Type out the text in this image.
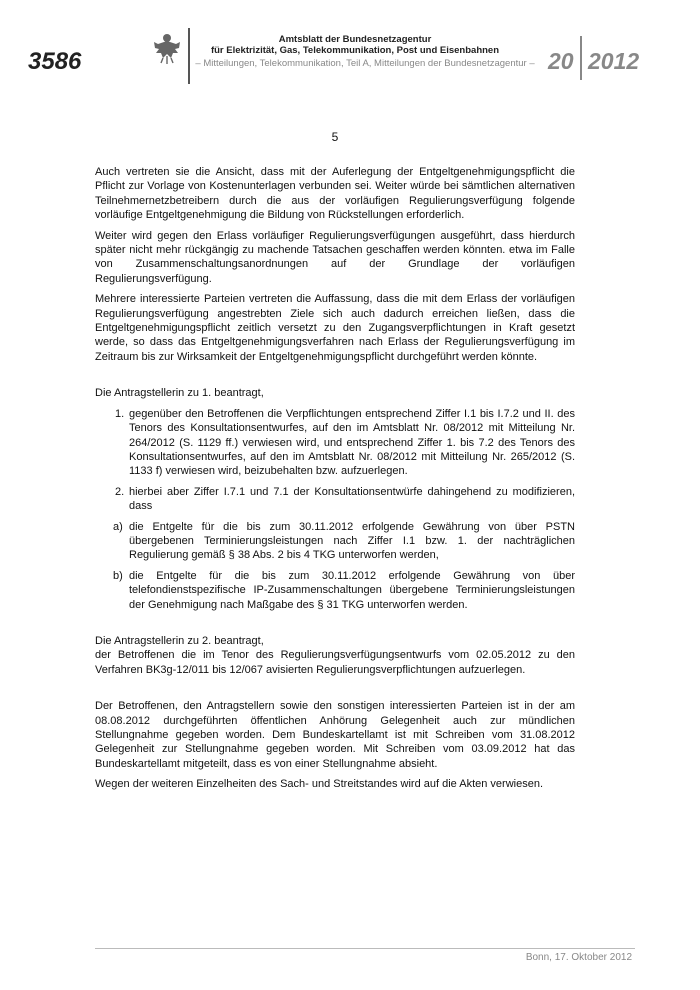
3586
Amtsblatt der Bundesnetzagentur
für Elektrizität, Gas, Telekommunikation, Post und Eisenbahnen
– Mitteilungen, Telekommunikation, Teil A, Mitteilungen der Bundesnetzagentur – 20 2012
5

Auch vertreten sie die Ansicht, dass mit der Auferlegung der Entgeltgenehmigungspflicht die Pflicht zur Vorlage von Kostenunterlagen verbunden sei. Weiter würde bei sämtlichen alternativen Teilnehmernetzbetreibern durch die aus der vorläufigen Regulierungsverfügung folgende vorläufige Entgeltgenehmigung die Bildung von Rückstellungen erforderlich.

Weiter wird gegen den Erlass vorläufiger Regulierungsverfügungen ausgeführt, dass hierdurch später nicht mehr rückgängig zu machende Tatsachen geschaffen werden könnten. etwa im Falle von Zusammenschaltungsanordnungen auf der Grundlage der vorläufigen Regulierungsverfügung.

Mehrere interessierte Parteien vertreten die Auffassung, dass die mit dem Erlass der vorläufigen Regulierungsverfügung angestrebten Ziele sich auch dadurch erreichen ließen, dass die Entgeltgenehmigungspflicht zeitlich versetzt zu den Zugangsverpflichtungen in Kraft gesetzt werde, so dass das Entgeltgenehmigungsverfahren nach Erlass der Regulierungsverfügung im Zeitraum bis zur Wirksamkeit der Entgeltgenehmigungspflicht durchgeführt werden könnte.

Die Antragstellerin zu 1. beantragt,

1. gegenüber den Betroffenen die Verpflichtungen entsprechend Ziffer I.1 bis I.7.2 und II. des Tenors des Konsultationsentwurfes, auf den im Amtsblatt Nr. 08/2012 mit Mitteilung Nr. 264/2012 (S. 1129 ff.) verwiesen wird, und entsprechend Ziffer 1. bis 7.2 des Tenors des Konsultationsentwurfes, auf den im Amtsblatt Nr. 08/2012 mit Mitteilung Nr. 265/2012 (S. 1133 f) verwiesen wird, beizubehalten bzw. aufzuerlegen.
2. hierbei aber Ziffer I.7.1 und 7.1 der Konsultationsentwürfe dahingehend zu modifizieren, dass
a) die Entgelte für die bis zum 30.11.2012 erfolgende Gewährung von über PSTN übergebenen Terminierungsleistungen nach Ziffer I.1 bzw. 1. der nachträglichen Regulierung gemäß § 38 Abs. 2 bis 4 TKG unterworfen werden,
b) die Entgelte für die bis zum 30.11.2012 erfolgende Gewährung von über telefondienstspezifische IP-Zusammenschaltungen übergebene Terminierungsleistungen der Genehmigung nach Maßgabe des § 31 TKG unterworfen werden.

Die Antragstellerin zu 2. beantragt,

der Betroffenen die im Tenor des Regulierungsverfügungsentwurfs vom 02.05.2012 zu den Verfahren BK3g-12/011 bis 12/067 avisierten Regulierungsverpflichtungen aufzuerlegen.

Der Betroffenen, den Antragstellern sowie den sonstigen interessierten Parteien ist in der am 08.08.2012 durchgeführten öffentlichen Anhörung Gelegenheit auch zur mündlichen Stellungnahme gegeben worden. Dem Bundeskartellamt ist mit Schreiben vom 31.08.2012 Gelegenheit zur Stellungnahme gegeben worden. Mit Schreiben vom 03.09.2012 hat das Bundeskartellamt mitgeteilt, dass es von einer Stellungnahme absieht.

Wegen der weiteren Einzelheiten des Sach- und Streitstandes wird auf die Akten verwiesen.

Bonn, 17. Oktober 2012
